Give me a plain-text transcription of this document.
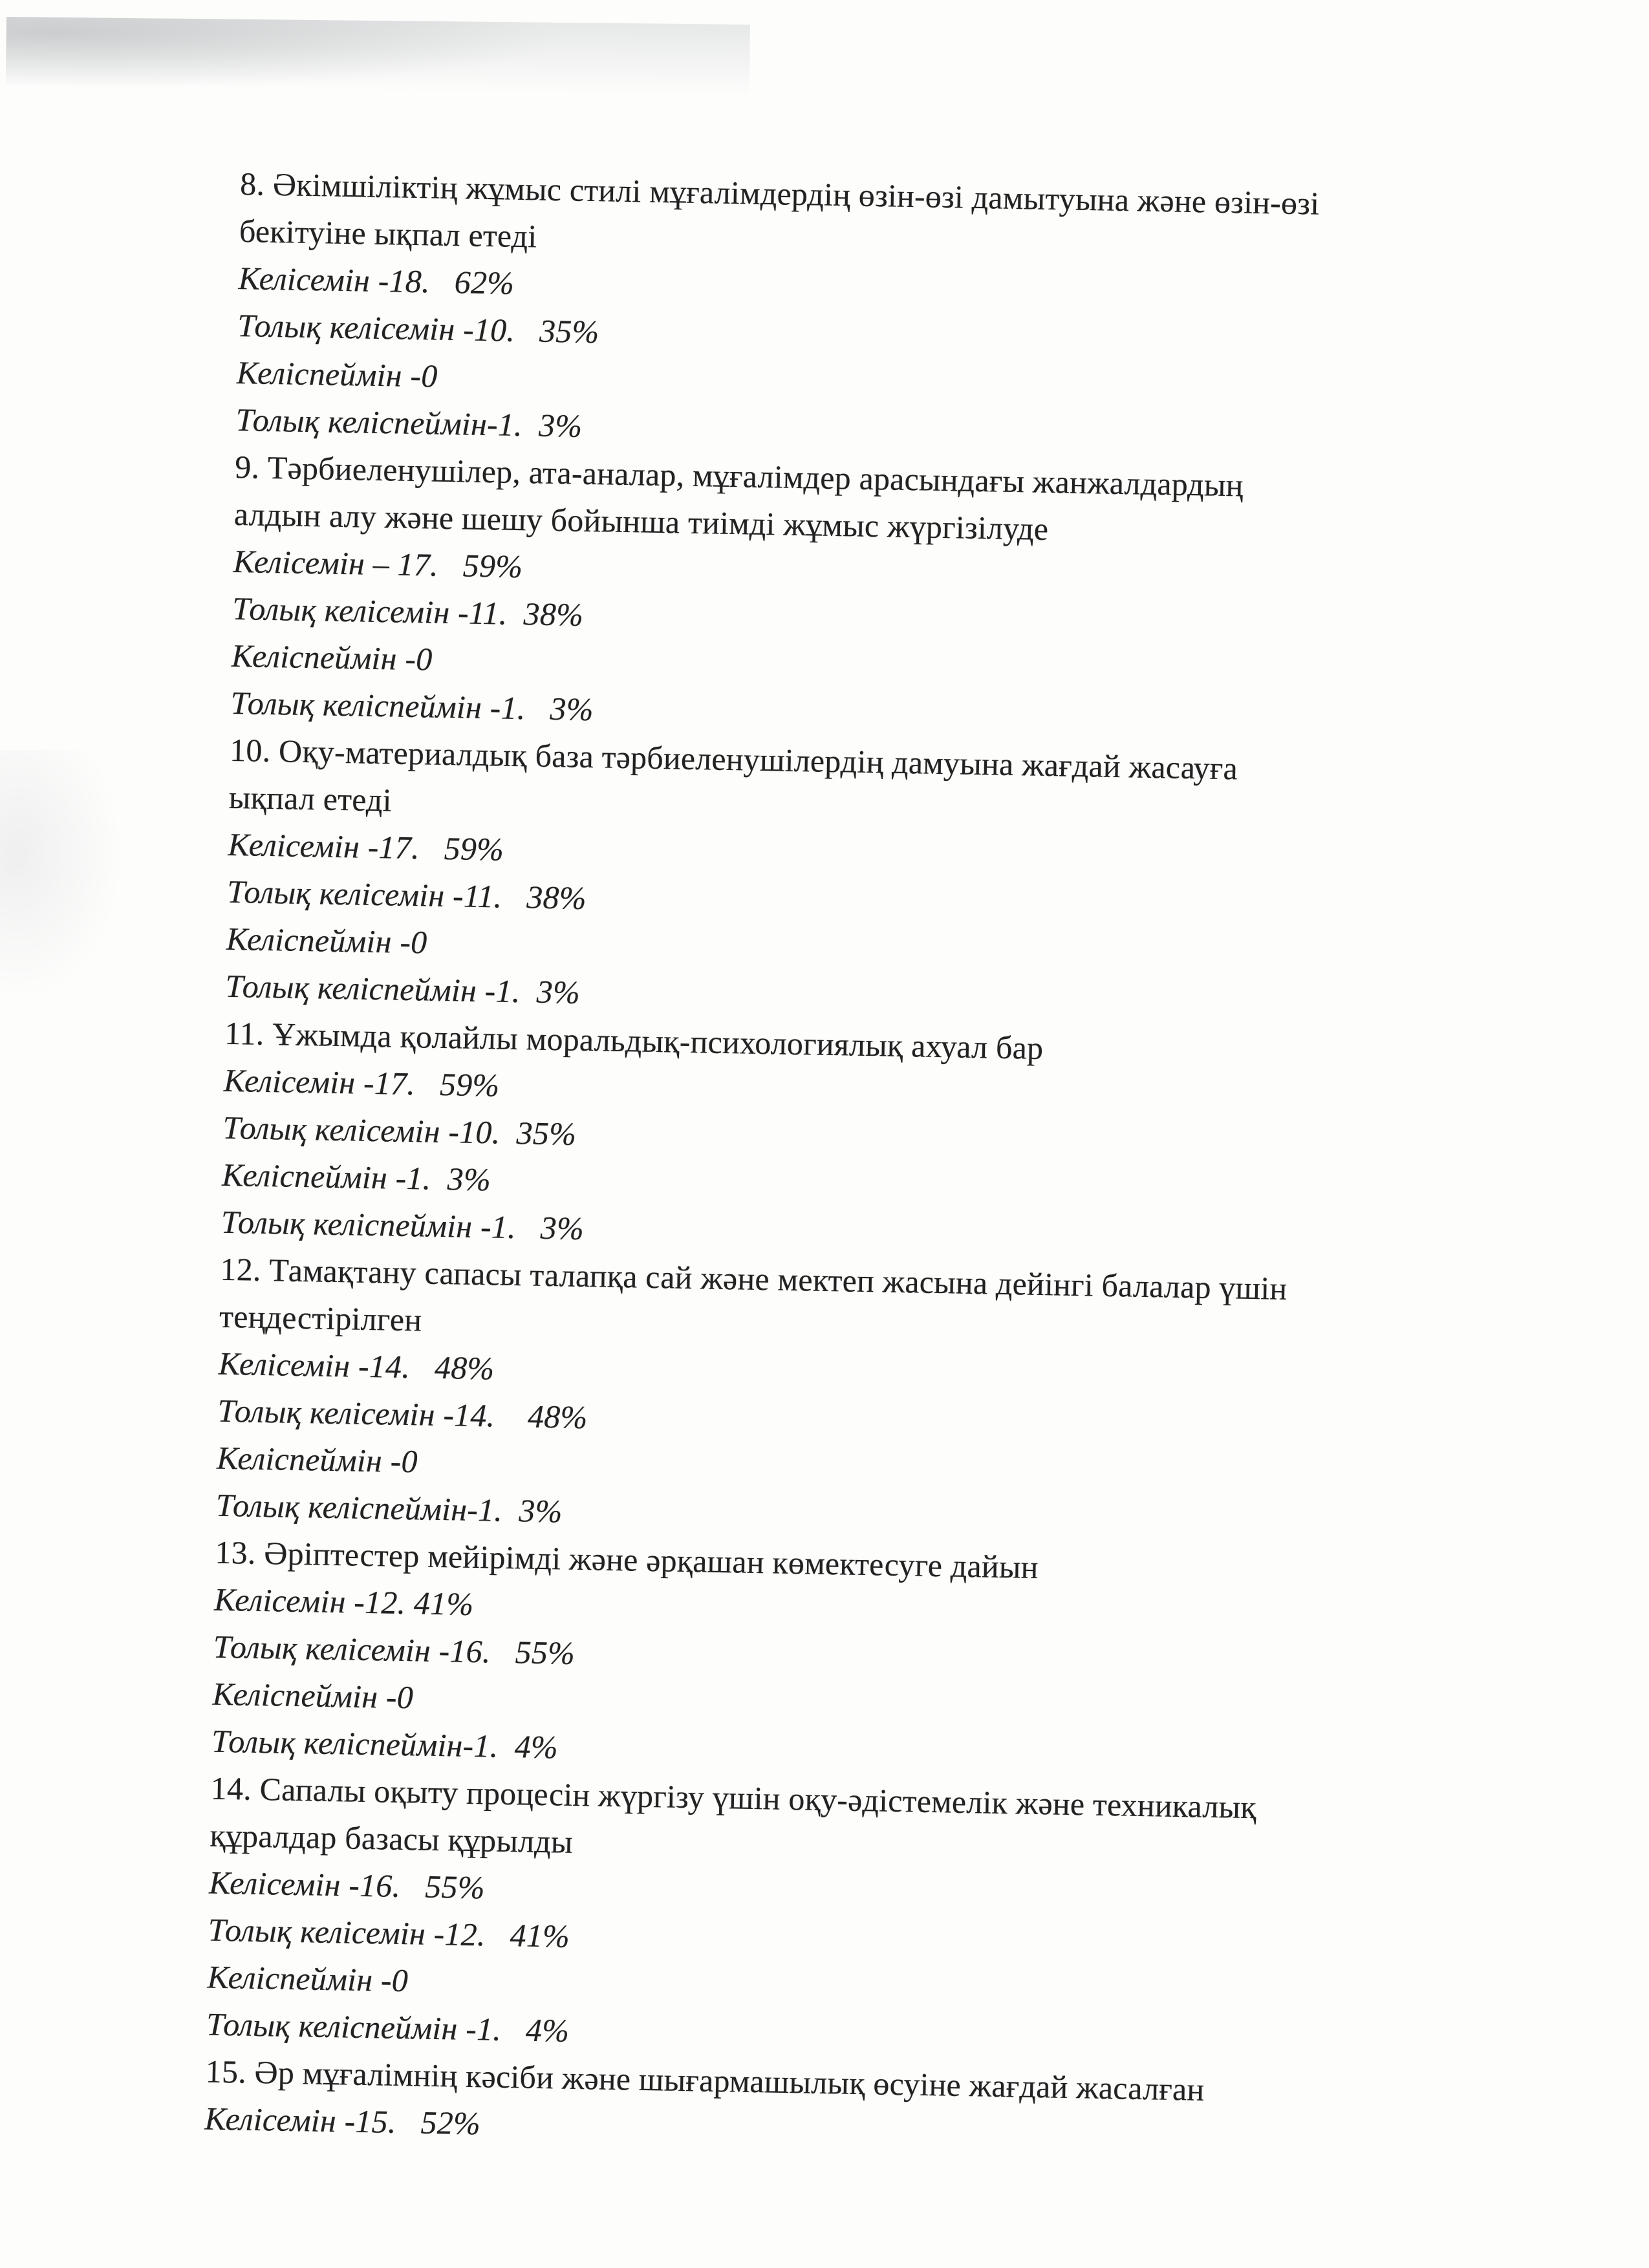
8. Әкімшіліктің жұмыс стилі мұғалімдердің өзін-өзі дамытуына және өзін-өзі
бекітуіне ықпал етеді
Келісемін -18.   62%
Толық келісемін -10.   35%
Келіспеймін -0
Толық келіспеймін-1.  3%
9. Тәрбиеленушілер, ата-аналар, мұғалімдер арасындағы жанжалдардың
алдын алу және шешу бойынша тиімді жұмыс жүргізілуде
Келісемін – 17.   59%
Толық келісемін -11.  38%
Келіспеймін -0
Толық келіспеймін -1.   3%
10. Оқу-материалдық база тәрбиеленушілердің дамуына жағдай жасауға
ықпал етеді
Келісемін -17.   59%
Толық келісемін -11.   38%
Келіспеймін -0
Толық келіспеймін -1.  3%
11. Ұжымда қолайлы моральдық-психологиялық ахуал бар
Келісемін -17.   59%
Толық келісемін -10.  35%
Келіспеймін -1.  3%
Толық келіспеймін -1.   3%
12. Тамақтану сапасы талапқа сай және мектеп жасына дейінгі балалар үшін
теңдестірілген
Келісемін -14.   48%
Толық келісемін -14.    48%
Келіспеймін -0
Толық келіспеймін-1.  3%
13. Әріптестер мейірімді және әрқашан көмектесуге дайын
Келісемін -12. 41%
Толық келісемін -16.   55%
Келіспеймін -0
Толық келіспеймін-1.  4%
14. Сапалы оқыту процесін жүргізу үшін оқу-әдістемелік және техникалық
құралдар базасы құрылды
Келісемін -16.   55%
Толық келісемін -12.   41%
Келіспеймін -0
Толық келіспеймін -1.   4%
15. Әр мұғалімнің кәсіби және шығармашылық өсуіне жағдай жасалған
Келісемін -15.   52%
